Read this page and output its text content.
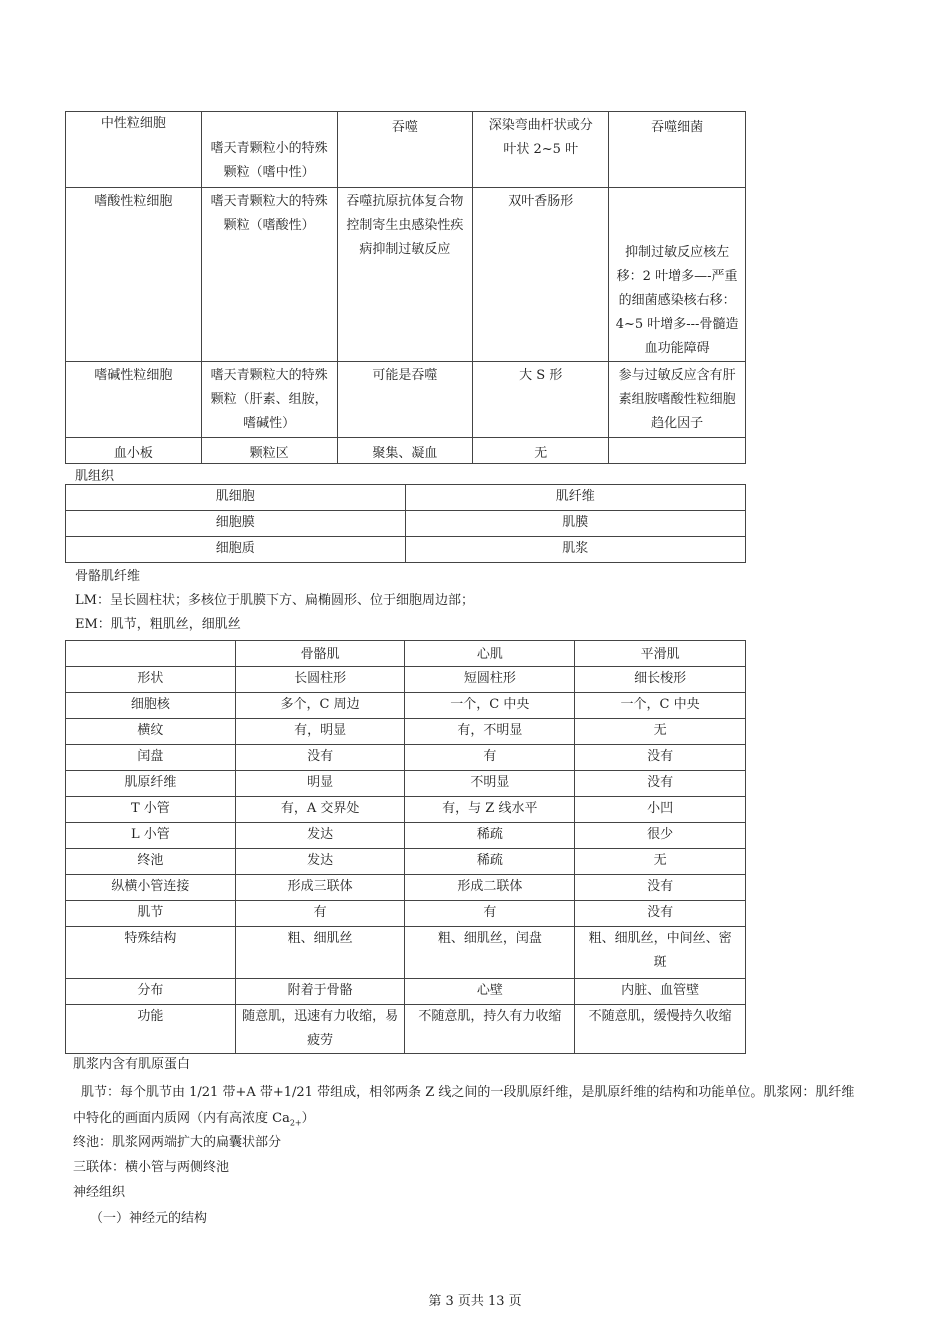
中性粒细胞	嗜天青颗粒小的特殊颗粒（嗜中性）	吞噬	深染弯曲杆状或分叶状 2~5 叶	吞噬细菌
嗜酸性粒细胞	嗜天青颗粒大的特殊颗粒（嗜酸性）	吞噬抗原抗体复合物控制寄生虫感染性疾病抑制过敏反应	双叶香肠形	抑制过敏反应核左移：2 叶增多—-严重的细菌感染核右移：4~5 叶增多---骨髓造血功能障碍
嗜碱性粒细胞	嗜天青颗粒大的特殊颗粒（肝素、组胺，嗜碱性）	可能是吞噬	大 S 形	参与过敏反应含有肝素组胺嗜酸性粒细胞趋化因子
血小板	颗粒区	聚集、凝血	无	
肌组织
肌细胞	肌纤维
细胞膜	肌膜
细胞质	肌浆
骨骼肌纤维
LM：呈长圆柱状；多核位于肌膜下方、扁椭圆形、位于细胞周边部；
EM：肌节，粗肌丝，细肌丝
	骨骼肌	心肌	平滑肌
形状	长圆柱形	短圆柱形	细长梭形
细胞核	多个，C 周边	一个，C 中央	一个，C 中央
横纹	有，明显	有，不明显	无
闰盘	没有	有	没有
肌原纤维	明显	不明显	没有
T 小管	有，A 交界处	有，与 Z 线水平	小凹
L 小管	发达	稀疏	很少
终池	发达	稀疏	无
纵横小管连接	形成三联体	形成二联体	没有
肌节	有	有	没有
特殊结构	粗、细肌丝	粗、细肌丝，闰盘	粗、细肌丝，中间丝、密斑
分布	附着于骨骼	心壁	内脏、血管壁
功能	随意肌，迅速有力收缩，易疲劳	不随意肌，持久有力收缩	不随意肌，缓慢持久收缩
肌浆内含有肌原蛋白
肌节：每个肌节由 1/21 带+A 带+1/21 带组成，相邻两条 Z 线之间的一段肌原纤维，是肌原纤维的结构和功能单位。肌浆网：肌纤维中特化的画面内质网（内有高浓度 $Ca_{2+}$）
终池：肌浆网两端扩大的扁囊状部分
三联体：横小管与两侧终池
神经组织
（一）神经元的结构
第 3 页共 13 页
